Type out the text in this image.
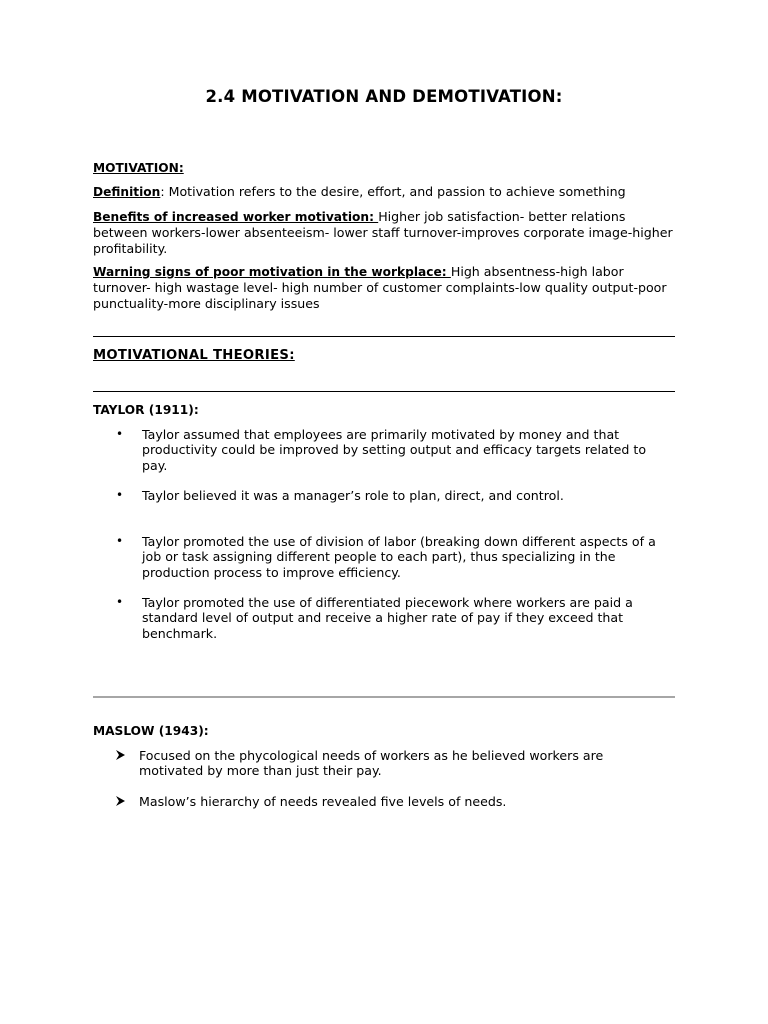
2.4 MOTIVATION AND DEMOTIVATION:
MOTIVATION:
Definition: Motivation refers to the desire, effort, and passion to achieve something
Benefits of increased worker motivation: Higher job satisfaction- better relations between workers-lower absenteeism- lower staff turnover-improves corporate image-higher profitability.
Warning signs of poor motivation in the workplace: High absentness-high labor turnover- high wastage level- high number of customer complaints-low quality output-poor punctuality-more disciplinary issues
MOTIVATIONAL THEORIES:
TAYLOR (1911):
• Taylor assumed that employees are primarily motivated by money and that productivity could be improved by setting output and efficacy targets related to pay.
• Taylor believed it was a manager’s role to plan, direct, and control.
• Taylor promoted the use of division of labor (breaking down different aspects of a job or task assigning different people to each part), thus specializing in the production process to improve efficiency.
• Taylor promoted the use of differentiated piecework where workers are paid a standard level of output and receive a higher rate of pay if they exceed that benchmark.
MASLOW (1943):
Focused on the phycological needs of workers as he believed workers are motivated by more than just their pay.
Maslow’s hierarchy of needs revealed five levels of needs.
